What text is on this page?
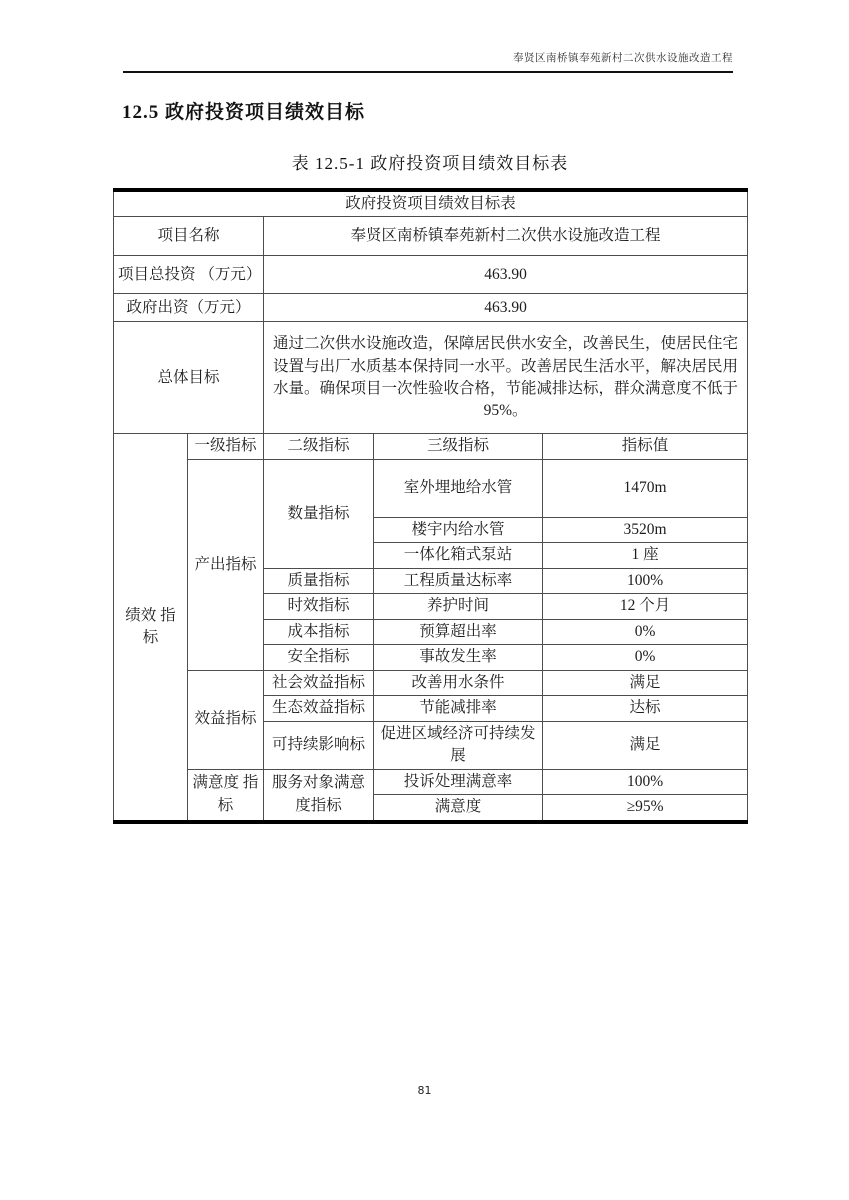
奉贤区南桥镇奉苑新村二次供水设施改造工程
12.5 政府投资项目绩效目标
表 12.5-1 政府投资项目绩效目标表
政府投资项目绩效目标表				
项目名称		奉贤区南桥镇奉苑新村二次供水设施改造工程		
项目总投资 （万元）		463.90		
政府出资（万元）		463.90		
总体目标		通过二次供水设施改造，保障居民供水安全，改善民生，使居民住宅设置与出厂水质基本保持同一水平。改善居民生活水平，解决居民用水量。确保项目一次性验收合格，节能减排达标，群众满意度不低于95%。		
绩效 指标	一级指标	二级指标	三级指标	指标值
	产出指标	数量指标	室外埋地给水管	1470m
			楼宇内给水管	3520m
			一体化箱式泵站	1 座
		质量指标	工程质量达标率	100%
		时效指标	养护时间	12 个月
		成本指标	预算超出率	0%
		安全指标	事故发生率	0%
	效益指标	社会效益指标	改善用水条件	满足
		生态效益指标	节能减排率	达标
		可持续影响标	促进区域经济可持续发展	满足
	满意度 指标	服务对象满意度指标	投诉处理满意率	100%
			满意度	≥95%
81
